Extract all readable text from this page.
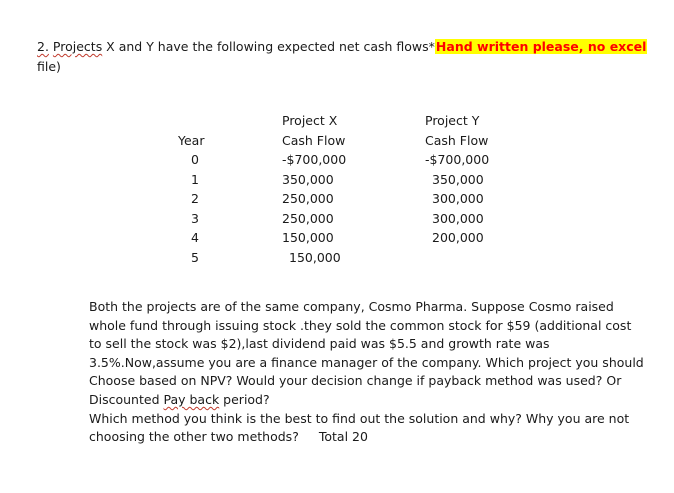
2. Projects X and Y have the following expected net cash flows*Hand written please, no excel
file)
Year
Project X
Cash Flow
Project Y
Cash Flow
0
1
2
3
4
5
-$700,000
350,000
250,000
250,000
150,000
150,000
-$700,000
350,000
300,000
300,000
200,000
Both the projects are of the same company, Cosmo Pharma. Suppose Cosmo raised
whole fund through issuing stock .they sold the common stock for $59 (additional cost
to sell the stock was $2),last dividend paid was $5.5 and growth rate was
3.5%.Now,assume you are a finance manager of the company. Which project you should
Choose based on NPV? Would your decision change if payback method was used? Or
Discounted Pay back period?
Which method you think is the best to find out the solution and why? Why you are not
choosing the other two methods? Total 20
